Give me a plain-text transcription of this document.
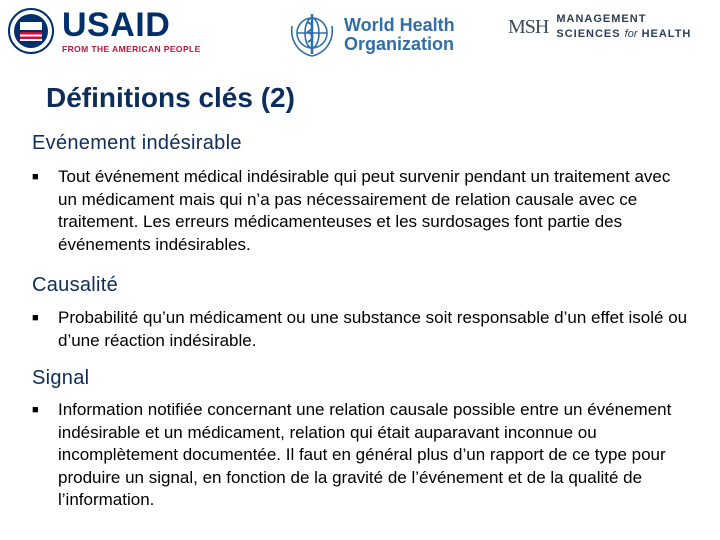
USAID
FROM THE AMERICAN PEOPLE
World Health
Organization
MSH MANAGEMENT
SCIENCES for HEALTH
Définitions clés (2)
Evénement indésirable
■	Tout événement médical indésirable qui peut survenir pendant un traitement avec un médicament mais qui n’a pas nécessairement de relation causale avec ce traitement. Les erreurs médicamenteuses et les surdosages font partie des événements indésirables.
Causalité
■	Probabilité qu’un médicament ou une substance soit responsable d’un effet isolé ou d’une réaction indésirable.
Signal
■	Information notifiée concernant une relation causale possible entre un événement indésirable et un médicament, relation qui était auparavant inconnue ou incomplètement documentée. Il faut en général plus d’un rapport de ce type pour produire un signal, en fonction de la gravité de l’événement et de la qualité de l’information.
